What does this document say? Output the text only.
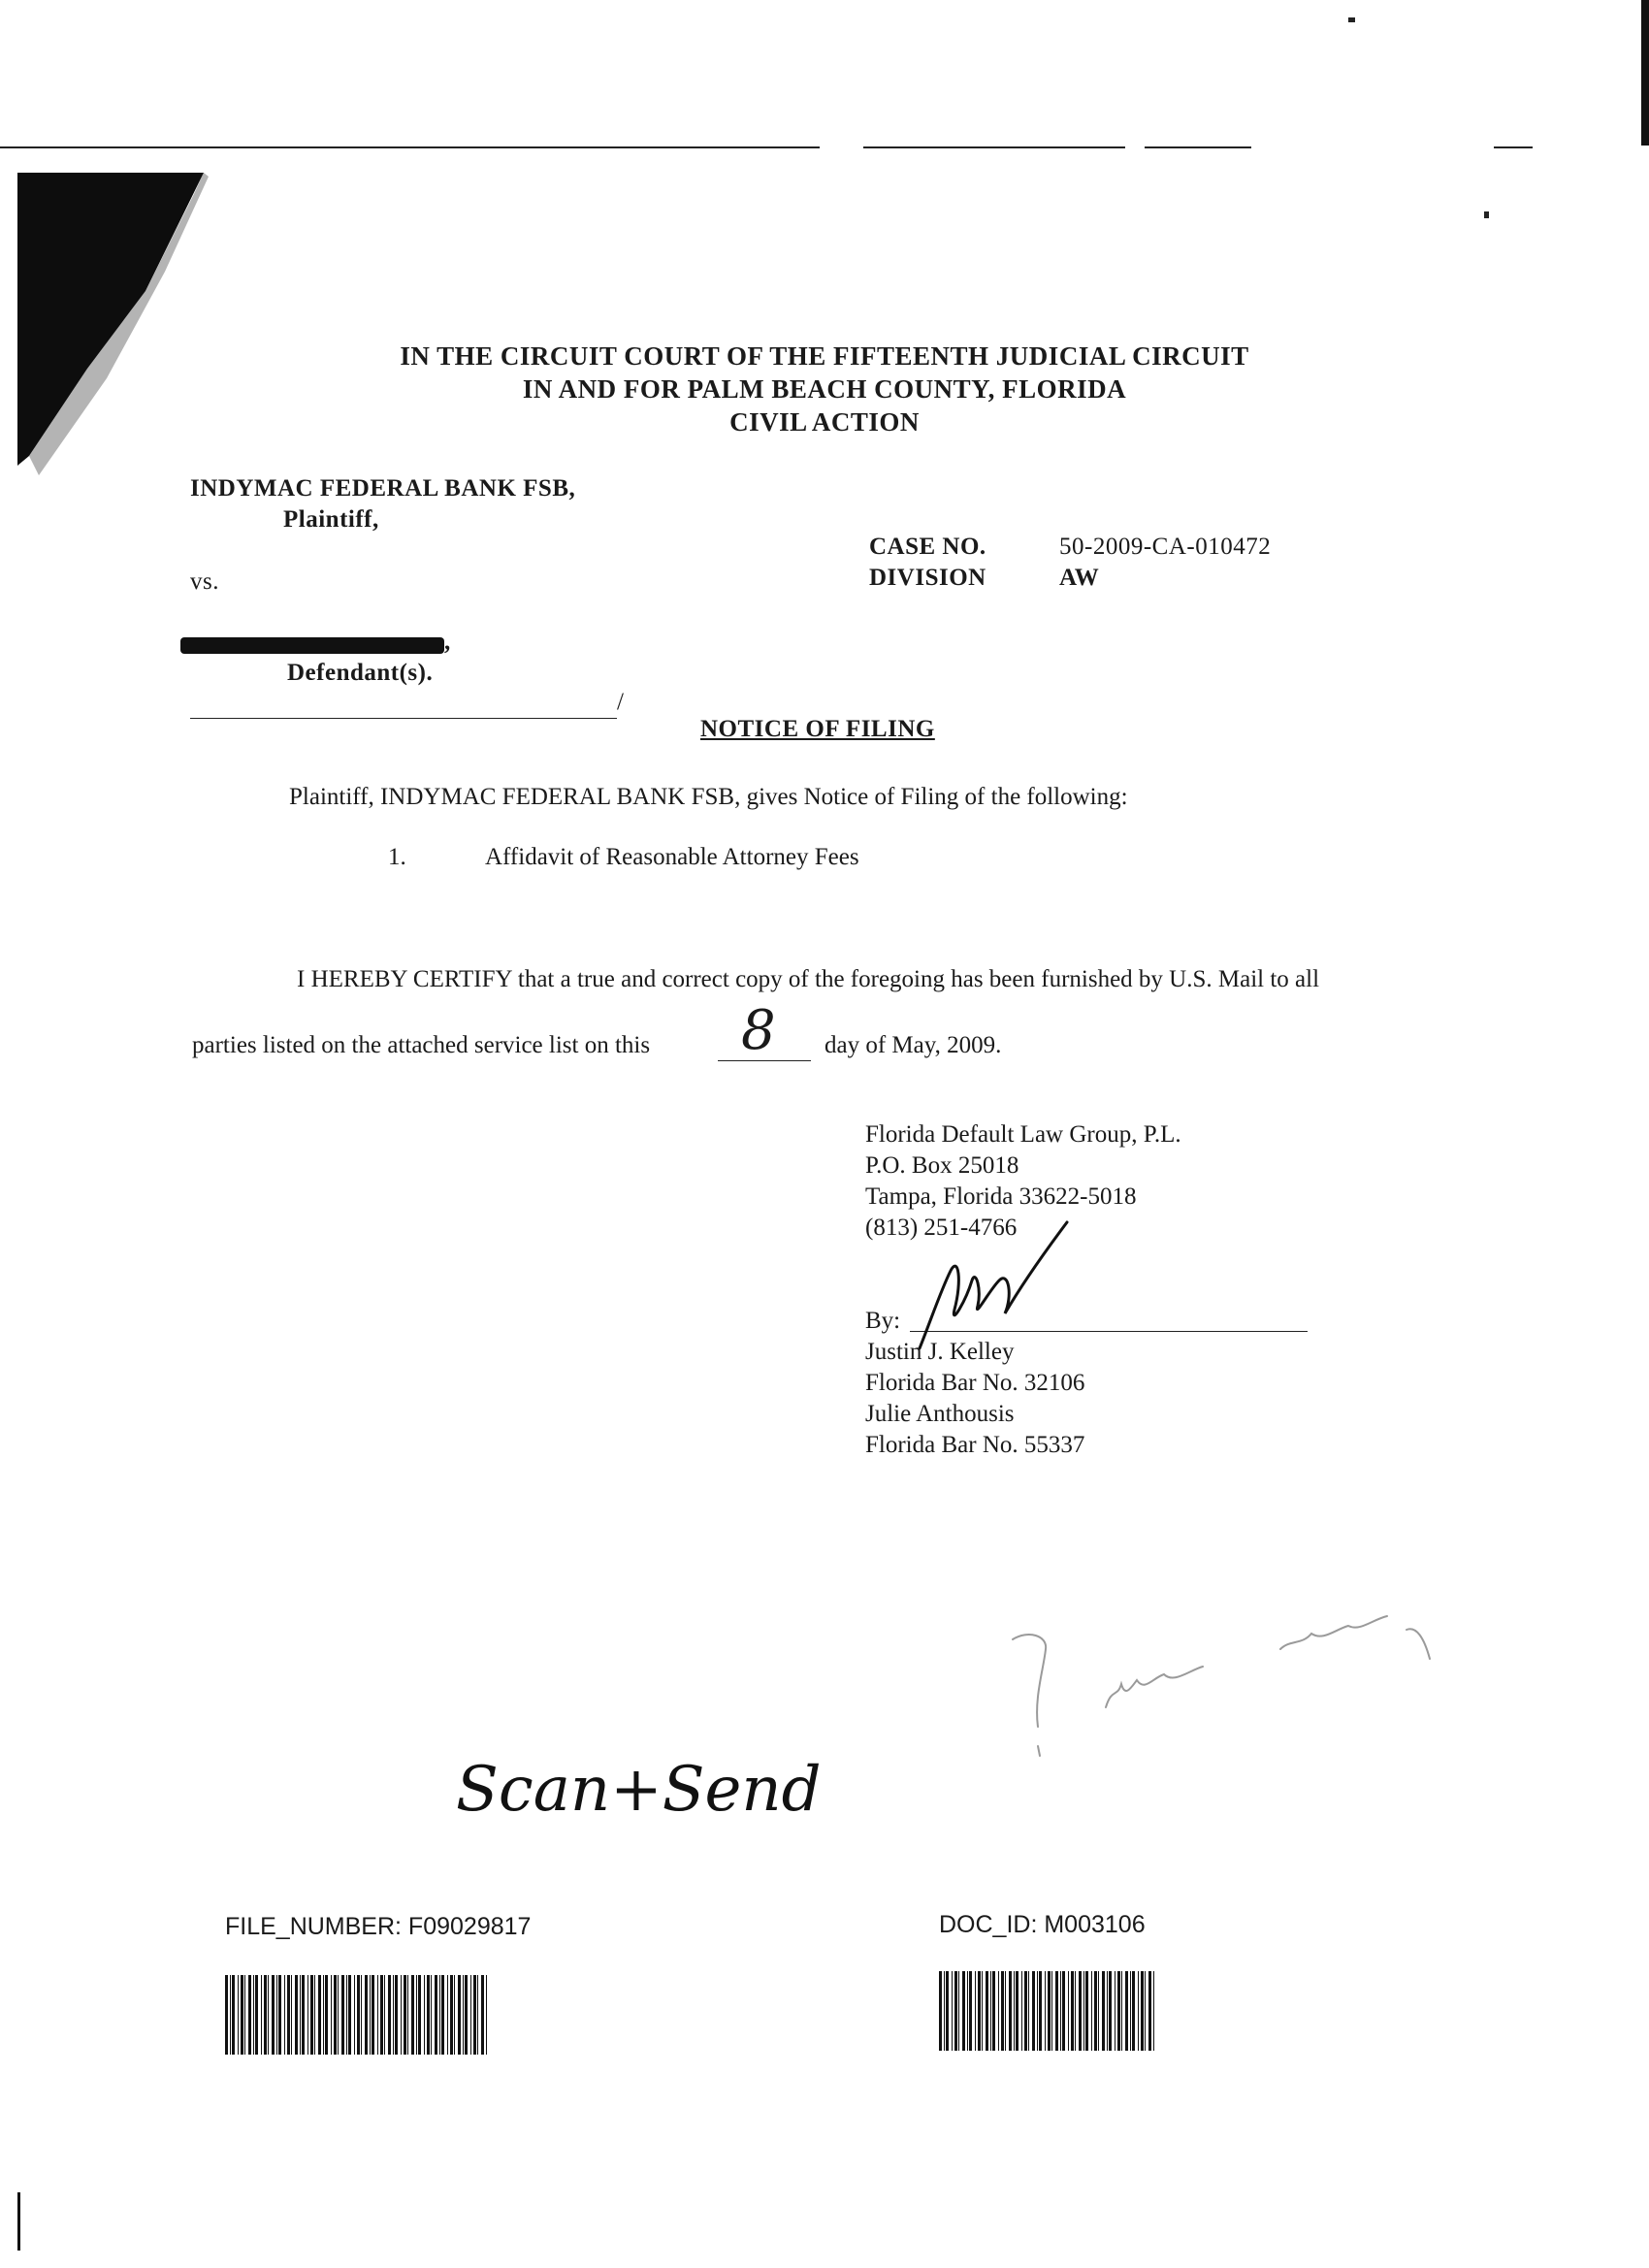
IN THE CIRCUIT COURT OF THE FIFTEENTH JUDICIAL CIRCUIT
IN AND FOR PALM BEACH COUNTY, FLORIDA
CIVIL ACTION
INDYMAC FEDERAL BANK FSB,
Plaintiff,
vs.
,
Defendant(s).
/
CASE NO.	50-2009-CA-010472
DIVISION	AW
NOTICE OF FILING
Plaintiff, INDYMAC FEDERAL BANK FSB, gives Notice of Filing of the following:
1.	Affidavit of Reasonable Attorney Fees
I HEREBY CERTIFY that a true and correct copy of the foregoing has been furnished by U.S. Mail to all
parties listed on the attached service list on this 8 day of May, 2009.
Florida Default Law Group, P.L.
P.O. Box 25018
Tampa, Florida 33622-5018
(813) 251-4766
By:
Justin J. Kelley
Florida Bar No. 32106
Julie Anthousis
Florida Bar No. 55337
Scan+Send
FILE_NUMBER: F09029817	DOC_ID: M003106
